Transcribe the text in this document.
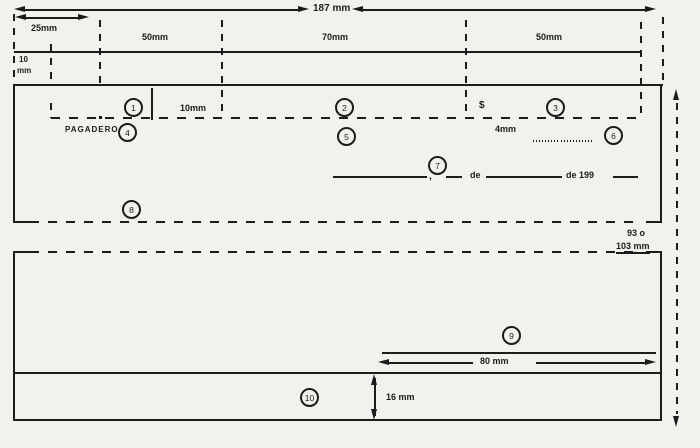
187 mm
25mm
50mm	70mm	50mm
10
mm
10mm
PAGADERO
$
4mm
,	de	de 199
93 o
103 mm
80 mm
16 mm
1	2	3
4	5	6
7
8
9
10
